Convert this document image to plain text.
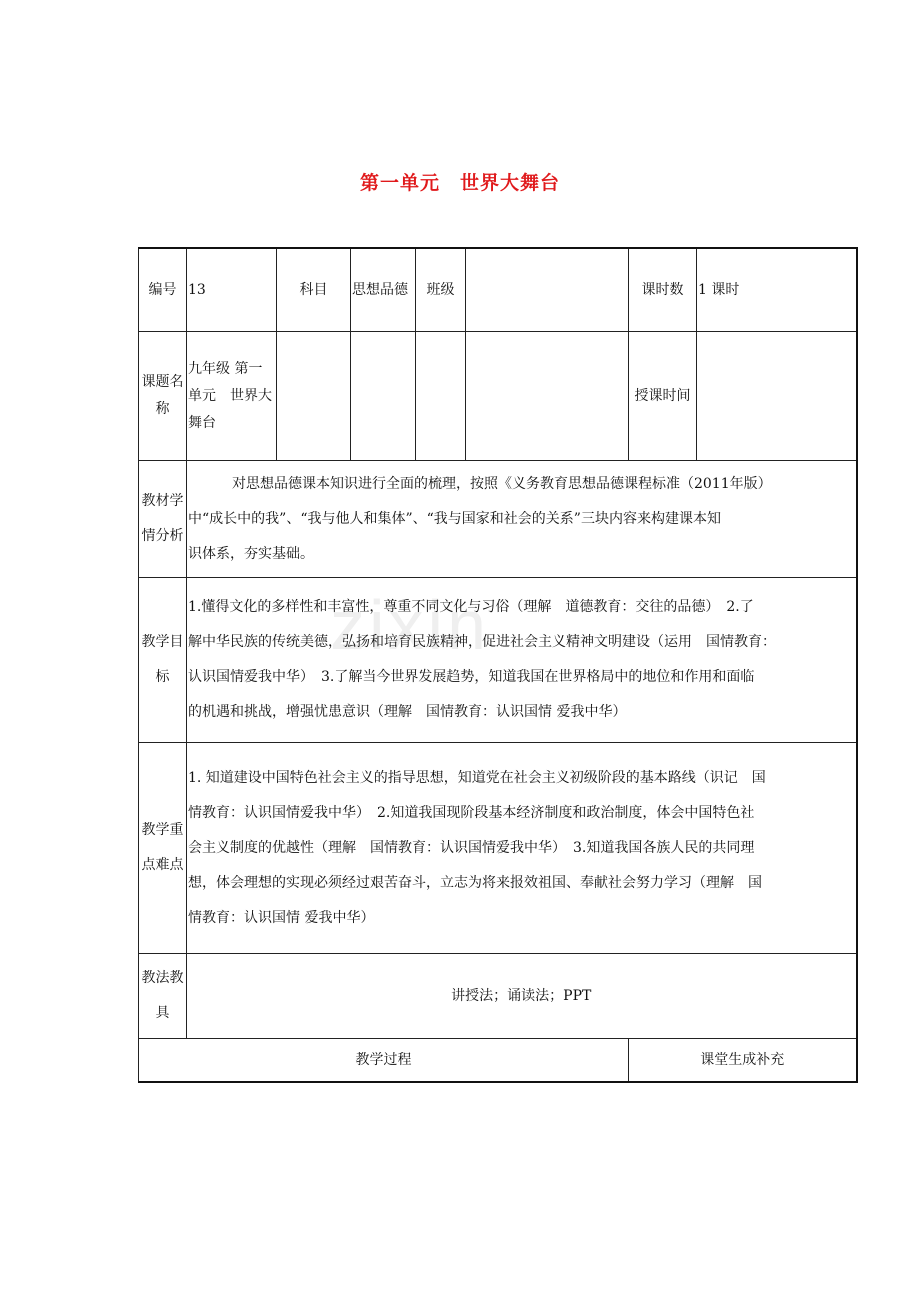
第一单元　世界大舞台
zixin
编号	13	科目	思想品德	班级		课时数	1 课时
课题名称	九年级 第一单元　世界大舞台					授课时间	
教材学情分析	对思想品德课本知识进行全面的梳理，按照《义务教育思想品德课程标准（2011年版）
中“成长中的我”、“我与他人和集体”、“我与国家和社会的关系”三块内容来构建课本知
识体系，夯实基础。						

教学目标	1.懂得文化的多样性和丰富性，尊重不同文化与习俗（理解　道德教育：交往的品德）　2.了
解中华民族的传统美德，弘扬和培育民族精神，促进社会主义精神文明建设（运用　国情教育：
认识国情爱我中华）　3.了解当今世界发展趋势，知道我国在世界格局中的地位和作用和面临
的机遇和挑战，增强忧患意识（理解　国情教育：认识国情 爱我中华）						

教学重点难点	1. 知道建设中国特色社会主义的指导思想，知道党在社会主义初级阶段的基本路线（识记　国
情教育：认识国情爱我中华）　2.知道我国现阶段基本经济制度和政治制度，体会中国特色社
会主义制度的优越性（理解　国情教育：认识国情爱我中华）　3.知道我国各族人民的共同理
想，体会理想的实现必须经过艰苦奋斗，立志为将来报效祖国、奉献社会努力学习（理解　国
情教育：认识国情 爱我中华）						

教法教具	讲授法；诵读法；PPT						
教学过程						课堂生成补充	
